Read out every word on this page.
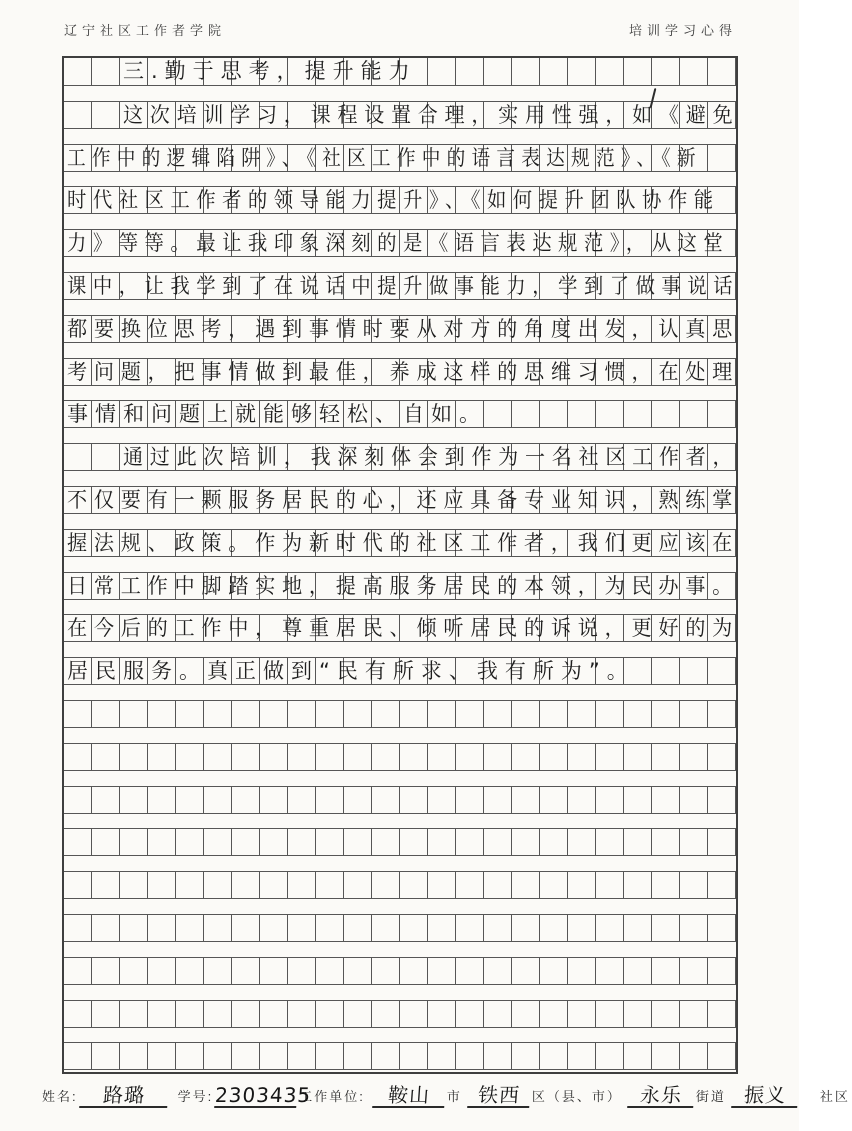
辽宁社区工作者学院	培训学习心得
三.勤于思考，提升能力
这次培训学习，课程设置合理，实用性强，如《避免
工作中的逻辑陷阱》、《社区工作中的语言表达规范》、《新
时代社区工作者的领导能力提升》、《如何提升团队协作能
力》等等。最让我印象深刻的是《语言表达规范》，从这堂
课中，让我学到了在说话中提升做事能力，学到了做事说话
都要换位思考，遇到事情时要从对方的角度出发，认真思
考问题，把事情做到最佳，养成这样的思维习惯，在处理
事情和问题上就能够轻松、自如。
通过此次培训，我深刻体会到作为一名社区工作者，
不仅要有一颗服务居民的心，还应具备专业知识，熟练掌
握法规、政策。作为新时代的社区工作者，我们更应该在
日常工作中脚踏实地，提高服务居民的本领，为民办事。
在今后的工作中，尊重居民、倾听居民的诉说，更好的为
居民服务。真正做到“民有所求、我有所为”。
姓名:	路璐	学号: 2303435
工作单位:	鞍山	市 铁西 区（县、市） 永乐	街道 振义	社区
